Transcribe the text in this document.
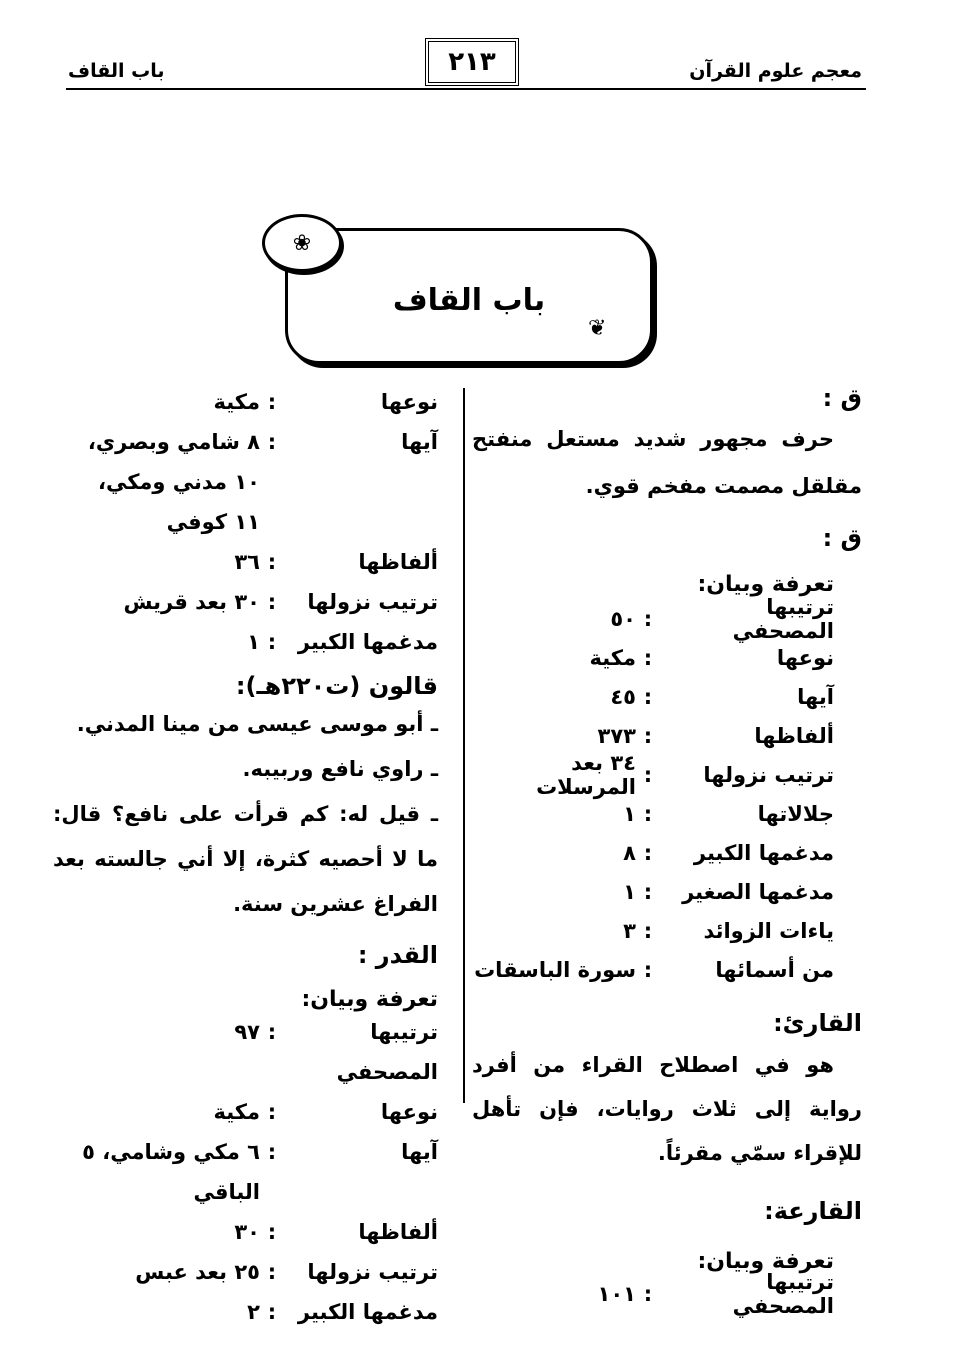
معجم علوم القرآن
باب القاف	٢١٣
باب القاف
❀
❦
ق :
حرف مجهور شديد مستعل منفتح مقلقل مصمت مفخم قوي.
ق :
تعرفة وبيان:
ترتيبها المصحفي
:
٥٠
نوعها
:
مكية
آيها
:
٤٥
ألفاظها
:
٣٧٣
ترتيب نزولها
:
٣٤ بعد المرسلات
جلالاتها
:
١
مدغمها الكبير
:
٨
مدغمها الصغير
:
١
ياءات الزوائد
:
٣
من أسمائها
:
سورة الباسقات
القارئ:
هو في اصطلاح القراء من أفرد رواية إلى ثلاث روايات، فإن تأهل للإقراء سمّي مقرئاً.
القارعة:
تعرفة وبيان:
ترتيبها المصحفي
:
١٠١
نوعها
:
مكية
آيها
:
٨ شامي وبصري، ١٠ مدني ومكي، ١١ كوفي
ألفاظها
:
٣٦
ترتيب نزولها
:
٣٠ بعد قريش
مدغمها الكبير
:
١
قالون (ت٢٢٠هـ):
ـ أبو موسى عيسى من مينا المدني.
ـ راوي نافع وربيبه.
ـ قيل له: كم قرأت على نافع؟ قال: ما لا أحصيه كثرة، إلا أني جالسته بعد الفراغ عشرين سنة.
القدر :
تعرفة وبيان:
ترتيبها المصحفي
:
٩٧
نوعها
:
مكية
آيها
:
٦ مكي وشامي، ٥ الباقي
ألفاظها
:
٣٠
ترتيب نزولها
:
٢٥ بعد عبس
مدغمها الكبير
:
٢
